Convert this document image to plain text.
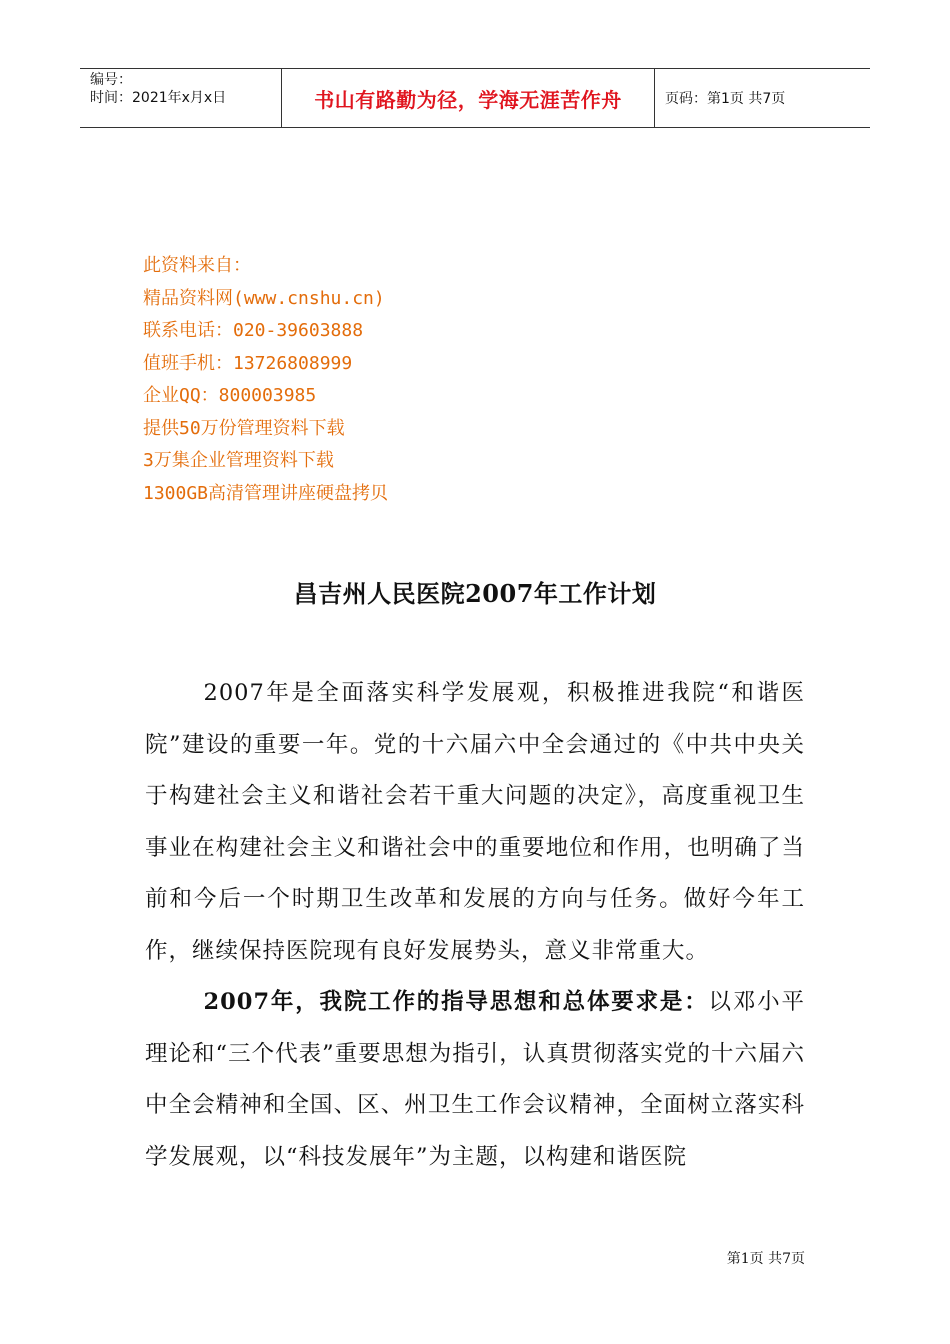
编号：
时间：2021年x月x日	书山有路勤为径，学海无涯苦作舟	页码：第1页 共7页
此资料来自：
精品资料网(www.cnshu.cn)
联系电话：020-39603888
值班手机：13726808999
企业QQ：800003985
提供50万份管理资料下载
3万集企业管理资料下载
1300GB高清管理讲座硬盘拷贝
昌吉州人民医院2007年工作计划

2007年是全面落实科学发展观，积极推进我院“和谐医院”建设的重要一年。党的十六届六中全会通过的《中共中央关于构建社会主义和谐社会若干重大问题的决定》，高度重视卫生事业在构建社会主义和谐社会中的重要地位和作用，也明确了当前和今后一个时期卫生改革和发展的方向与任务。做好今年工作，继续保持医院现有良好发展势头，意义非常重大。

2007年，我院工作的指导思想和总体要求是：以邓小平理论和“三个代表”重要思想为指引，认真贯彻落实党的十六届六中全会精神和全国、区、州卫生工作会议精神，全面树立落实科学发展观，以“科技发展年”为主题，以构建和谐医院

第1页 共7页
